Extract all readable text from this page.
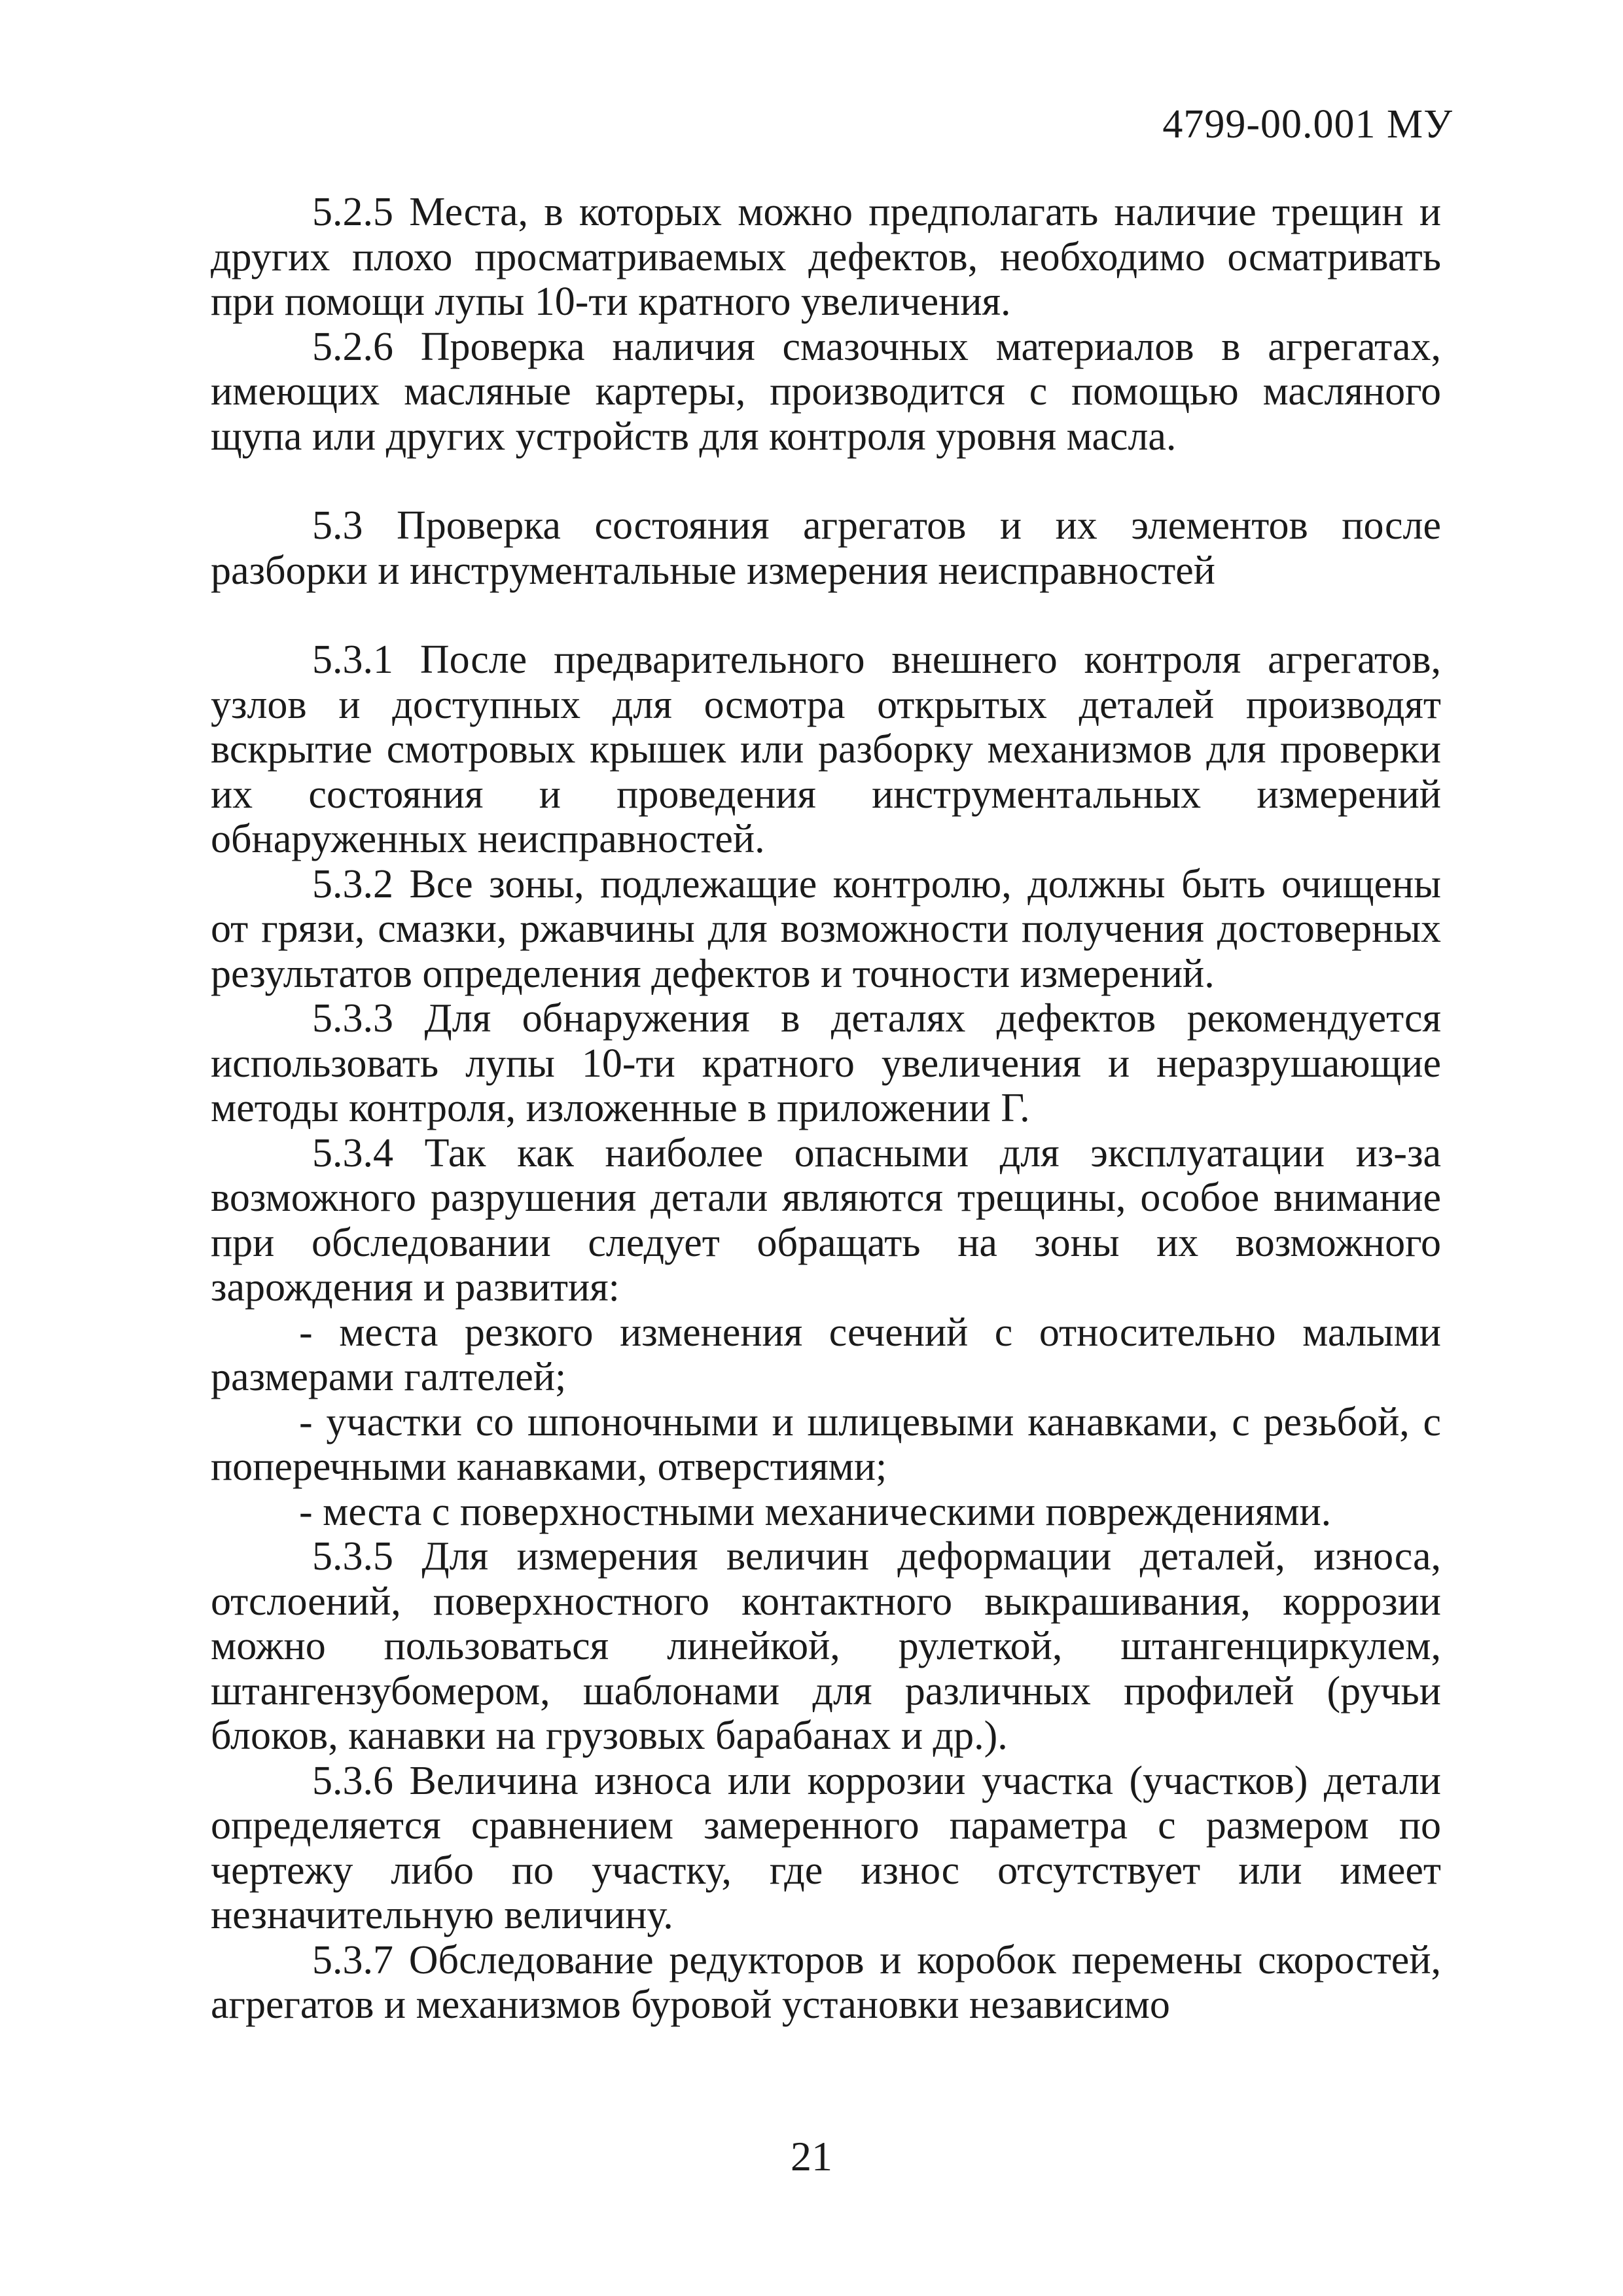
4799-00.001 МУ

5.2.5 Места, в которых можно предполагать наличие трещин и других плохо просматриваемых дефектов, необходимо осматривать при помощи лупы 10-ти кратного увеличения.

5.2.6 Проверка наличия смазочных материалов в агрегатах, имеющих масляные картеры, производится с помощью масляного щупа или других устройств для контроля уровня масла.

5.3 Проверка состояния агрегатов и их элементов после разборки и инструментальные измерения неисправностей

5.3.1 После предварительного внешнего контроля агрегатов, узлов и доступных для осмотра открытых деталей производят вскрытие смотровых крышек или разборку механизмов для проверки их состояния и проведения инструментальных измерений обнаруженных неисправностей.

5.3.2 Все зоны, подлежащие контролю, должны быть очищены от грязи, смазки, ржавчины для возможности получения достоверных результатов определения дефектов и точности измерений.

5.3.3 Для обнаружения в деталях дефектов рекомендуется использовать лупы 10-ти кратного увеличения и неразрушающие методы контроля, изложенные в приложении Г.

5.3.4 Так как наиболее опасными для эксплуатации из-за возможного разрушения детали являются трещины, особое внимание при обследовании следует обращать на зоны их возможного зарождения и развития:

- места резкого изменения сечений с относительно малыми размерами галтелей;

- участки со шпоночными и шлицевыми канавками, с резьбой, с поперечными канавками, отверстиями;

- места с поверхностными механическими повреждениями.

5.3.5 Для измерения величин деформации деталей, износа, отслоений, поверхностного контактного выкрашивания, коррозии можно пользоваться линейкой, рулеткой, штангенциркулем, штангензубомером, шаблонами для различных профилей (ручьи блоков, канавки на грузовых барабанах и др.).

5.3.6 Величина износа или коррозии участка (участков) детали определяется сравнением замеренного параметра с размером по чертежу либо по участку, где износ отсутствует или имеет незначительную величину.

5.3.7 Обследование редукторов и коробок перемены скоростей, агрегатов и механизмов буровой установки независимо

21
